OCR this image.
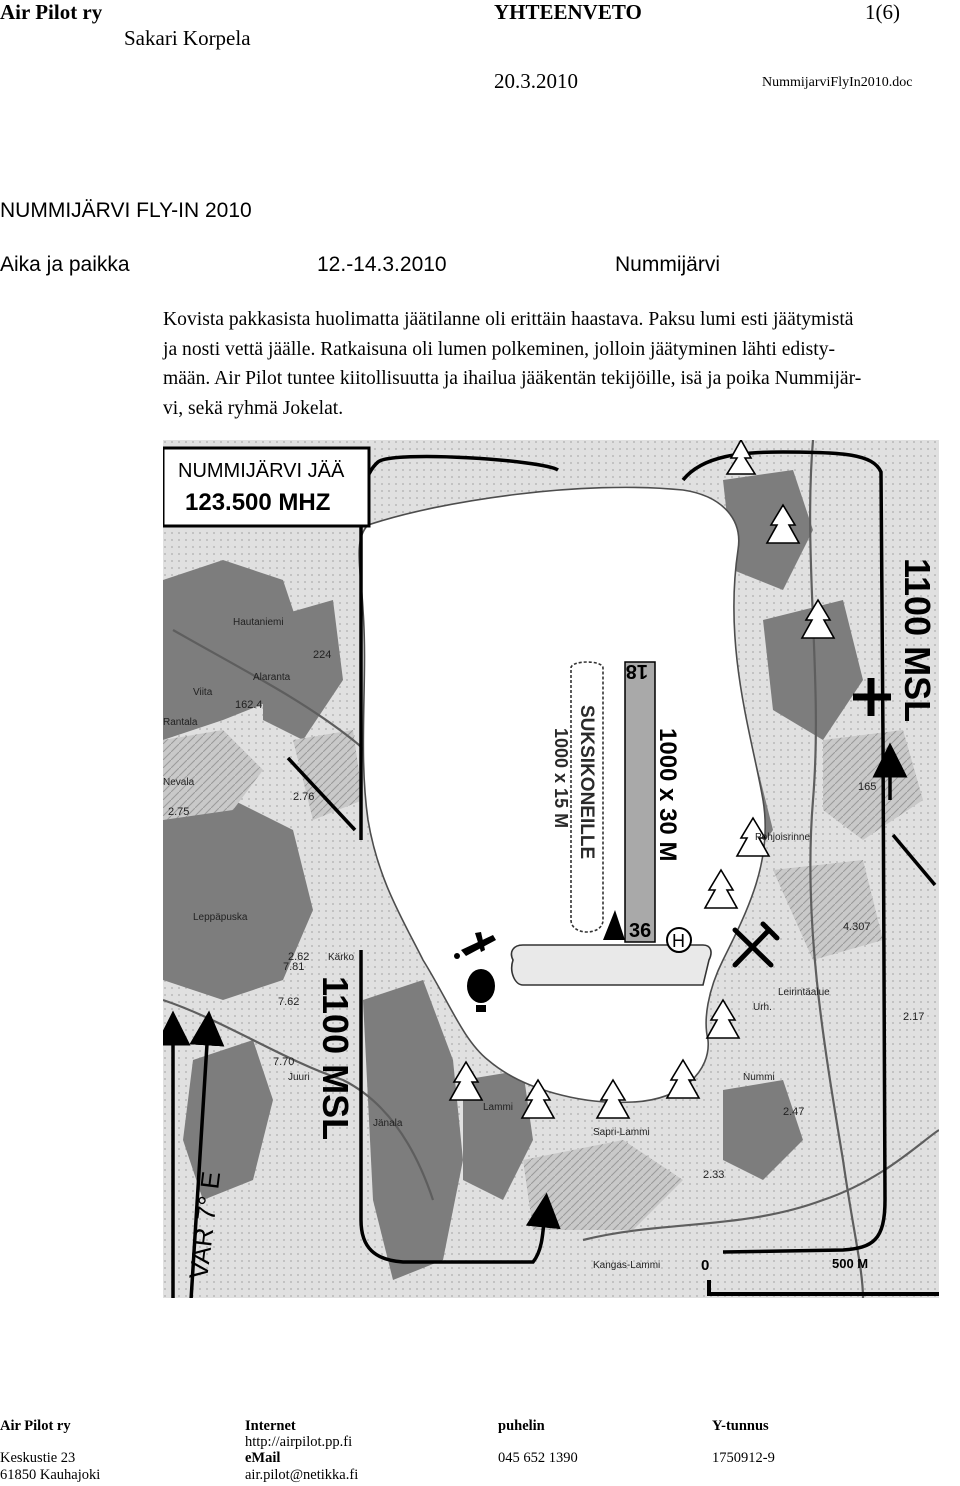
Air Pilot ry	YHTEENVETO	1(6)
Sakari Korpela
20.3.2010	NummijarviFlyIn2010.doc
NUMMIJÄRVI FLY-IN 2010
Aika ja paikka	12.-14.3.2010	Nummijärvi
Kovista pakkasista huolimatta jäätilanne oli erittäin haastava. Paksu lumi esti jäätymistä
ja nosti vettä jäälle. Ratkaisuna oli lumen polkeminen, jolloin jäätyminen lähti edisty-
mään. Air Pilot tuntee kiitollisuutta ja ihailua jääkentän tekijöille, isä ja poika Nummijär-
vi, sekä ryhmä Jokelat.
NUMMIJÄRVI JÄÄ
123.500 MHZ
SUKSIKONEILLE
1000 x 15 M
18
36
1000 x 30 M
H
Hautaniemi
Alaranta
Viita
Rantala
Nevala
Leppäpuska
Kärko
Juuri
Jänala
Lammi
Sapri-Lammi
Kangas-Lammi
Urh.
Leirintäalue
Pohjoisrinne
Nummi
162.4
224
2.75
7.81
7.62
7.70
4.307
2.47
2.33
2.17
165
2.76
2.62
1100 MSL
1100 MSL
VAR 7° E	0	500 M
Air Pilot ry
Keskustie 23
61850 Kauhajoki
Internet
http://airpilot.pp.fi
eMail
air.pilot@netikka.fi
puhelin
045 652 1390
Y-tunnus
1750912-9
